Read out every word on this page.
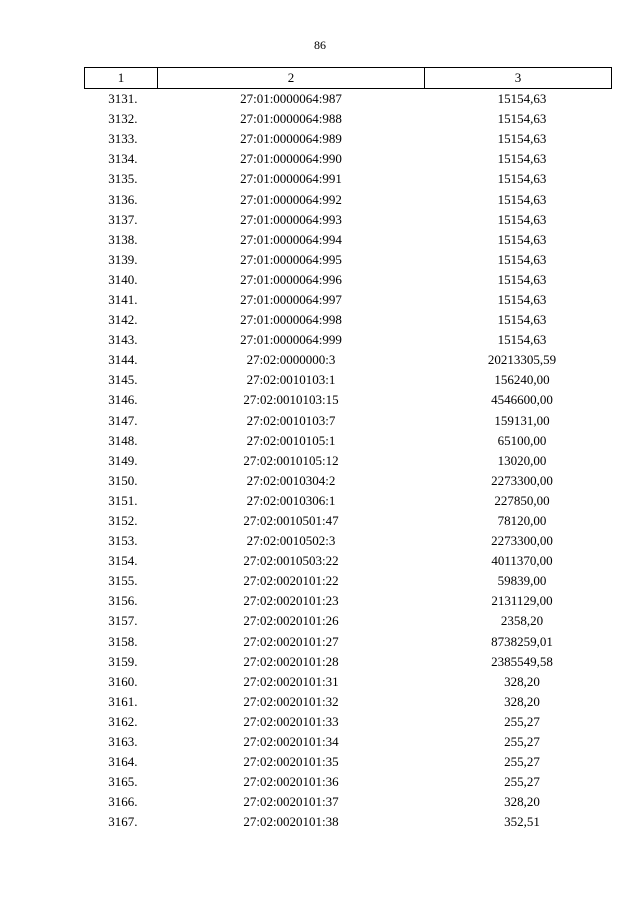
86
1	2	3
3131.	27:01:0000064:987	15154,63
3132.	27:01:0000064:988	15154,63
3133.	27:01:0000064:989	15154,63
3134.	27:01:0000064:990	15154,63
3135.	27:01:0000064:991	15154,63
3136.	27:01:0000064:992	15154,63
3137.	27:01:0000064:993	15154,63
3138.	27:01:0000064:994	15154,63
3139.	27:01:0000064:995	15154,63
3140.	27:01:0000064:996	15154,63
3141.	27:01:0000064:997	15154,63
3142.	27:01:0000064:998	15154,63
3143.	27:01:0000064:999	15154,63
3144.	27:02:0000000:3	20213305,59
3145.	27:02:0010103:1	156240,00
3146.	27:02:0010103:15	4546600,00
3147.	27:02:0010103:7	159131,00
3148.	27:02:0010105:1	65100,00
3149.	27:02:0010105:12	13020,00
3150.	27:02:0010304:2	2273300,00
3151.	27:02:0010306:1	227850,00
3152.	27:02:0010501:47	78120,00
3153.	27:02:0010502:3	2273300,00
3154.	27:02:0010503:22	4011370,00
3155.	27:02:0020101:22	59839,00
3156.	27:02:0020101:23	2131129,00
3157.	27:02:0020101:26	2358,20
3158.	27:02:0020101:27	8738259,01
3159.	27:02:0020101:28	2385549,58
3160.	27:02:0020101:31	328,20
3161.	27:02:0020101:32	328,20
3162.	27:02:0020101:33	255,27
3163.	27:02:0020101:34	255,27
3164.	27:02:0020101:35	255,27
3165.	27:02:0020101:36	255,27
3166.	27:02:0020101:37	328,20
3167.	27:02:0020101:38	352,51
